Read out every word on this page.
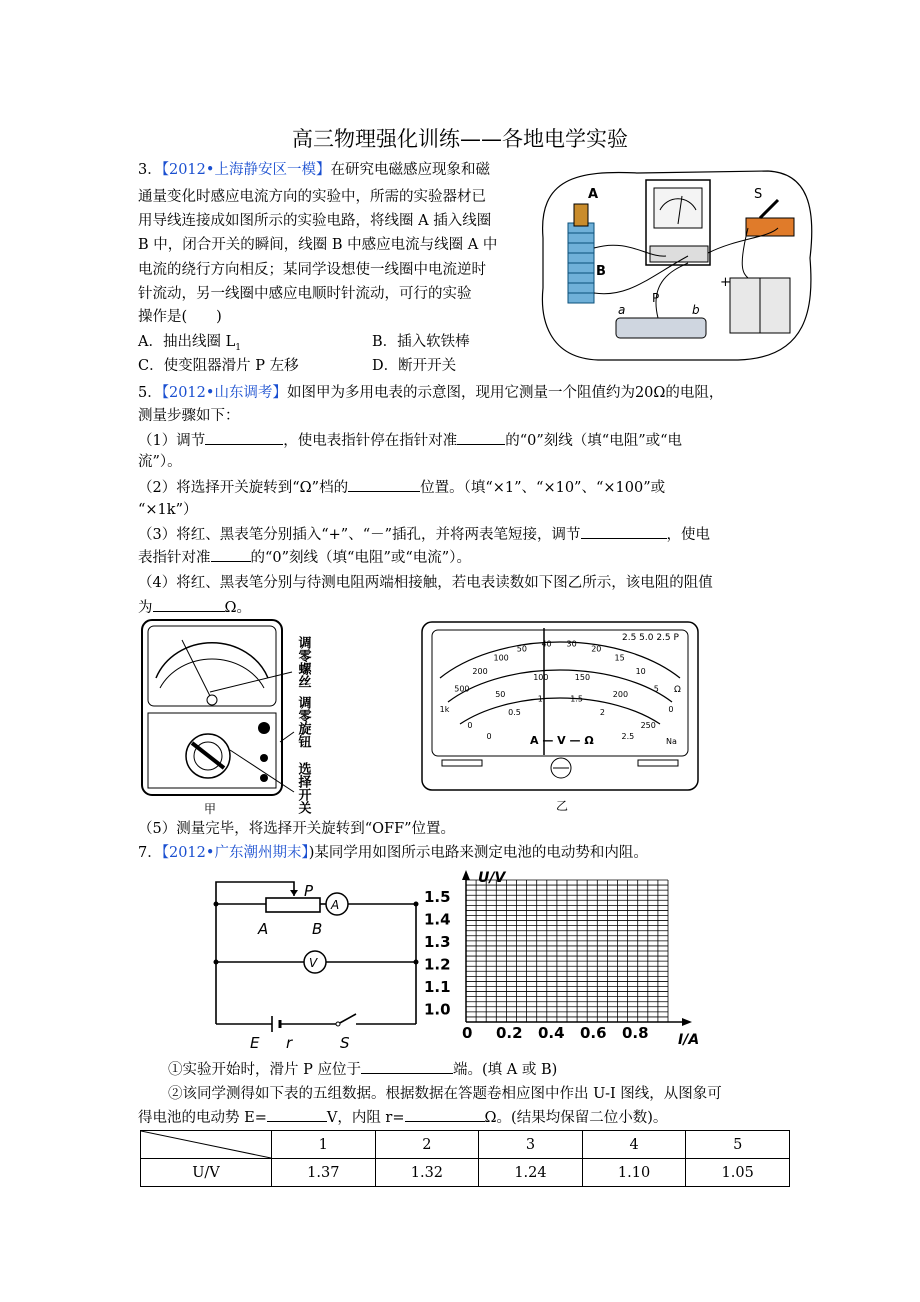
高三物理强化训练——各地电学实验
3．【2012•上海静安区一模】在研究电磁感应现象和磁
通量变化时感应电流方向的实验中，所需的实验器材已
用导线连接成如图所示的实验电路，将线圈 A 插入线圈
B 中，闭合开关的瞬间，线圈 B 中感应电流与线圈 A 中
电流的绕行方向相反；某同学设想使一线圈中电流逆时
针流动，另一线圈中感应电顺时针流动，可行的实验
操作是(　　)
A．抽出线圈 $L_1$	B．插入软铁棒
C．使变阻器滑片 P 左移	D．断开开关
A
B
S
+
a
P
b
5．【2012•山东调考】如图甲为多用电表的示意图，现用它测量一个阻值约为20Ω的电阻，
测量步骤如下：
（1）调节	，使电表指针停在指针对准	的“0”刻线（填“电阻”或“电
流”）。
（2）将选择开关旋转到“Ω”档的	位置。（填“×1”、“×10”、“×100”或
“×1k”）
（3）将红、黑表笔分别插入“+”、“－”插孔，并将两表笔短接，调节	，使电
表指针对准	的“0”刻线（填“电阻”或“电流”）。
（4）将红、黑表笔分别与待测电阻两端相接触，若电表读数如下图乙所示，该电阻的阻值
为	Ω。
甲
调零螺丝
调零旋钮
选择开关
1k
500
200
100
50
40 30
20
15
10
5
0
0
50
100	150
200
250
0
0.5
1	1.5
2
2.5
A — V — Ω
2.5 5.0 2.5 P
Ω
Na
乙
（5）测量完毕，将选择开关旋转到“OFF”位置。
7．【2012•广东潮州期末】)某同学用如图所示电路来测定电池的电动势和内阻。
P
A	B
A
V
E r	S
U/V
I/A
1.5
1.4
1.3
1.2
1.1
1.0
0 0.2 0.4 0.6 0.8
①实验开始时，滑片 P 应位于	端。(填 A 或 B)
②该同学测得如下表的五组数据。根据数据在答题卷相应图中作出 U-I 图线，从图象可
得电池的电动势 E=	V，内阻 r=	Ω。(结果均保留二位小数)。
	1	2	3	4	5
U/V	1.37	1.32	1.24	1.10	1.05
